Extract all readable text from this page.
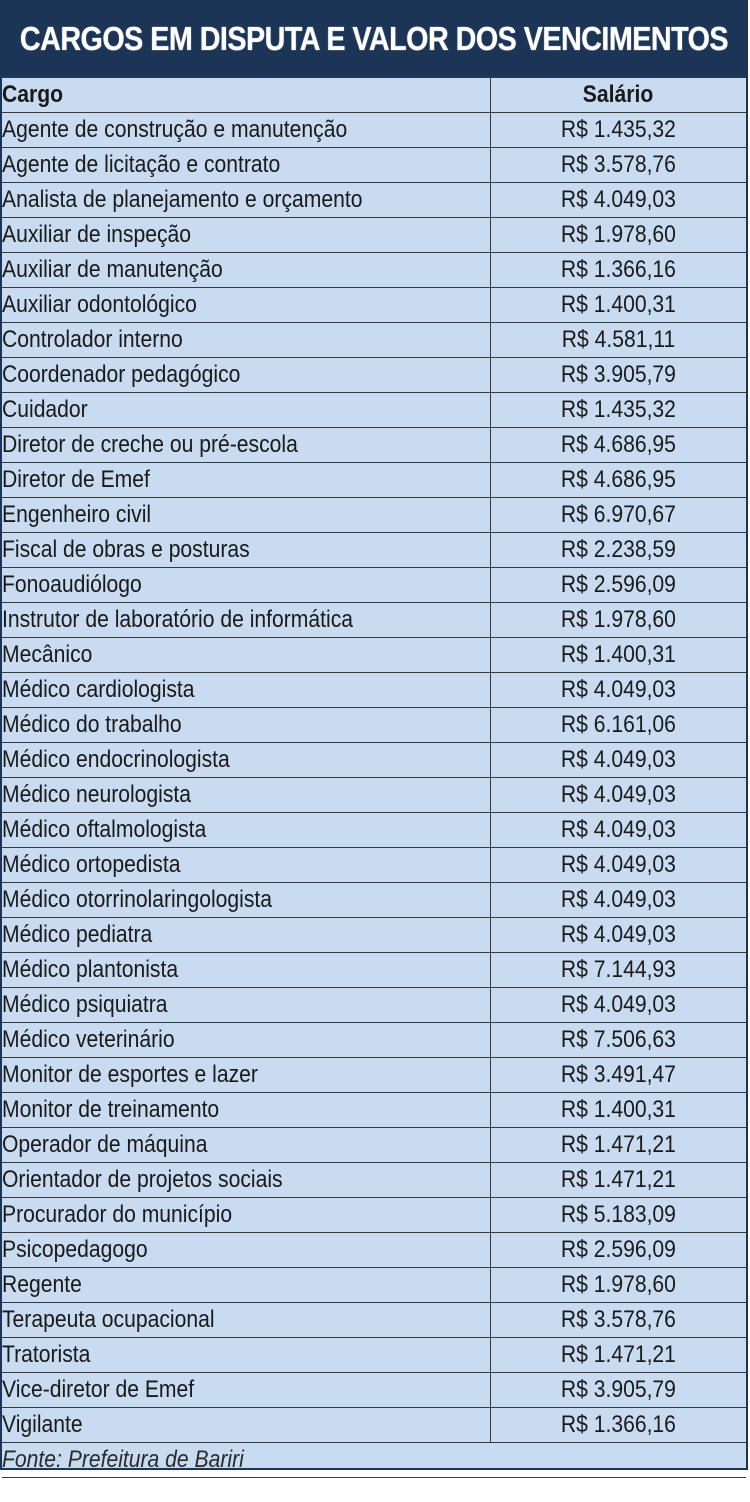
CARGOS EM DISPUTA E VALOR DOS VENCIMENTOS
Cargo	Salário
Agente de construção e manutenção	R$ 1.435,32
Agente de licitação e contrato	R$ 3.578,76
Analista de planejamento e orçamento	R$ 4.049,03
Auxiliar de inspeção	R$ 1.978,60
Auxiliar de manutenção	R$ 1.366,16
Auxiliar odontológico	R$ 1.400,31
Controlador interno	R$ 4.581,11
Coordenador pedagógico	R$ 3.905,79
Cuidador	R$ 1.435,32
Diretor de creche ou pré-escola	R$ 4.686,95
Diretor de Emef	R$ 4.686,95
Engenheiro civil	R$ 6.970,67
Fiscal de obras e posturas	R$ 2.238,59
Fonoaudiólogo	R$ 2.596,09
Instrutor de laboratório de informática	R$ 1.978,60
Mecânico	R$ 1.400,31
Médico cardiologista	R$ 4.049,03
Médico do trabalho	R$ 6.161,06
Médico endocrinologista	R$ 4.049,03
Médico neurologista	R$ 4.049,03
Médico oftalmologista	R$ 4.049,03
Médico ortopedista	R$ 4.049,03
Médico otorrinolaringologista	R$ 4.049,03
Médico pediatra	R$ 4.049,03
Médico plantonista	R$ 7.144,93
Médico psiquiatra	R$ 4.049,03
Médico veterinário	R$ 7.506,63
Monitor de esportes e lazer	R$ 3.491,47
Monitor de treinamento	R$ 1.400,31
Operador de máquina	R$ 1.471,21
Orientador de projetos sociais	R$ 1.471,21
Procurador do município	R$ 5.183,09
Psicopedagogo	R$ 2.596,09
Regente	R$ 1.978,60
Terapeuta ocupacional	R$ 3.578,76
Tratorista	R$ 1.471,21
Vice-diretor de Emef	R$ 3.905,79
Vigilante	R$ 1.366,16
Fonte: Prefeitura de Bariri	
